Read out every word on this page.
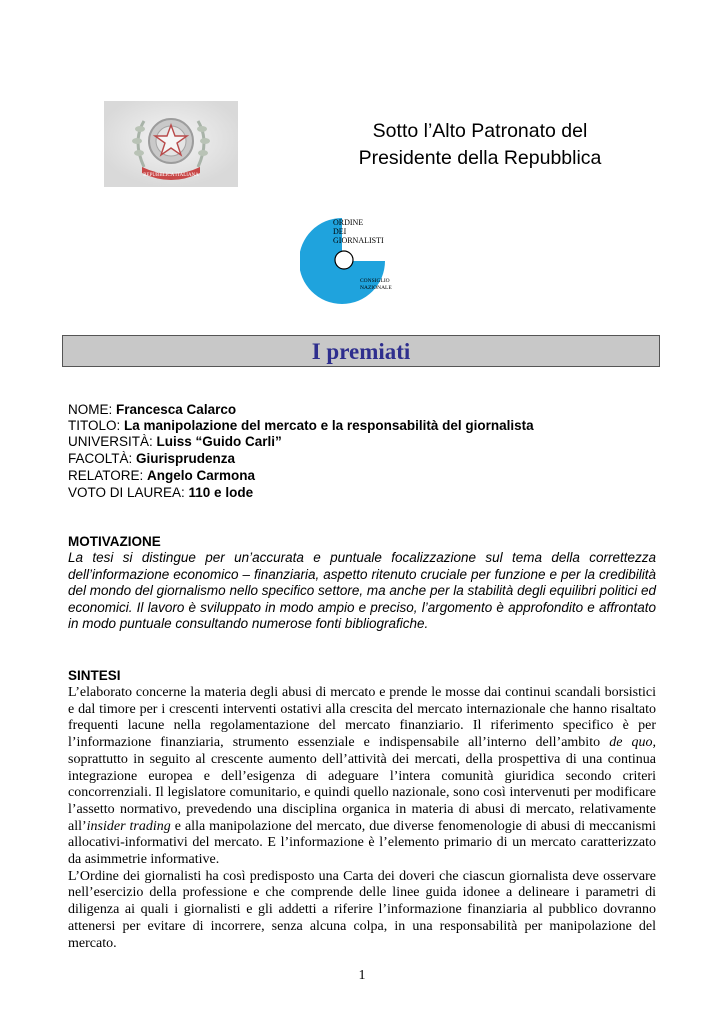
REPUBBLICA ITALIANA
Sotto l’Alto Patronato del
Presidente della Repubblica
ORDINE
DEI
GIORNALISTI
CONSIGLIO
NAZIONALE
I premiati
NOME: Francesca Calarco
TITOLO: La manipolazione del mercato e la responsabilità del giornalista
UNIVERSITÀ: Luiss “Guido Carli”
FACOLTÀ: Giurisprudenza
RELATORE: Angelo Carmona
VOTO DI LAUREA: 110 e lode
MOTIVAZIONE
La tesi si distingue per un’accurata e puntuale focalizzazione sul tema della correttezza dell’informazione economico – finanziaria, aspetto ritenuto cruciale per funzione e per la credibilità del mondo del giornalismo nello specifico settore, ma anche per la stabilità degli equilibri politici ed economici. Il lavoro è sviluppato in modo ampio e preciso, l’argomento è approfondito e affrontato in modo puntuale consultando numerose fonti bibliografiche.
SINTESI

L’elaborato concerne la materia degli abusi di mercato e prende le mosse dai continui scandali borsistici e dal timore per i crescenti interventi ostativi alla crescita del mercato internazionale che hanno risaltato frequenti lacune nella regolamentazione del mercato finanziario. Il riferimento specifico è per l’informazione finanziaria, strumento essenziale e indispensabile all’interno dell’ambito de quo, soprattutto in seguito al crescente aumento dell’attività dei mercati, della prospettiva di una continua integrazione europea e dell’esigenza di adeguare l’intera comunità giuridica secondo criteri concorrenziali. Il legislatore comunitario, e quindi quello nazionale, sono così intervenuti per modificare l’assetto normativo, prevedendo una disciplina organica in materia di abusi di mercato, relativamente all’insider trading e alla manipolazione del mercato, due diverse fenomenologie di abusi di meccanismi allocativi-informativi del mercato. E l’informazione è l’elemento primario di un mercato caratterizzato da asimmetrie informative.

L’Ordine dei giornalisti ha così predisposto una Carta dei doveri che ciascun giornalista deve osservare nell’esercizio della professione e che comprende delle linee guida idonee a delineare i parametri di diligenza ai quali i giornalisti e gli addetti a riferire l’informazione finanziaria al pubblico dovranno attenersi per evitare di incorrere, senza alcuna colpa, in una responsabilità per manipolazione del mercato.

1
